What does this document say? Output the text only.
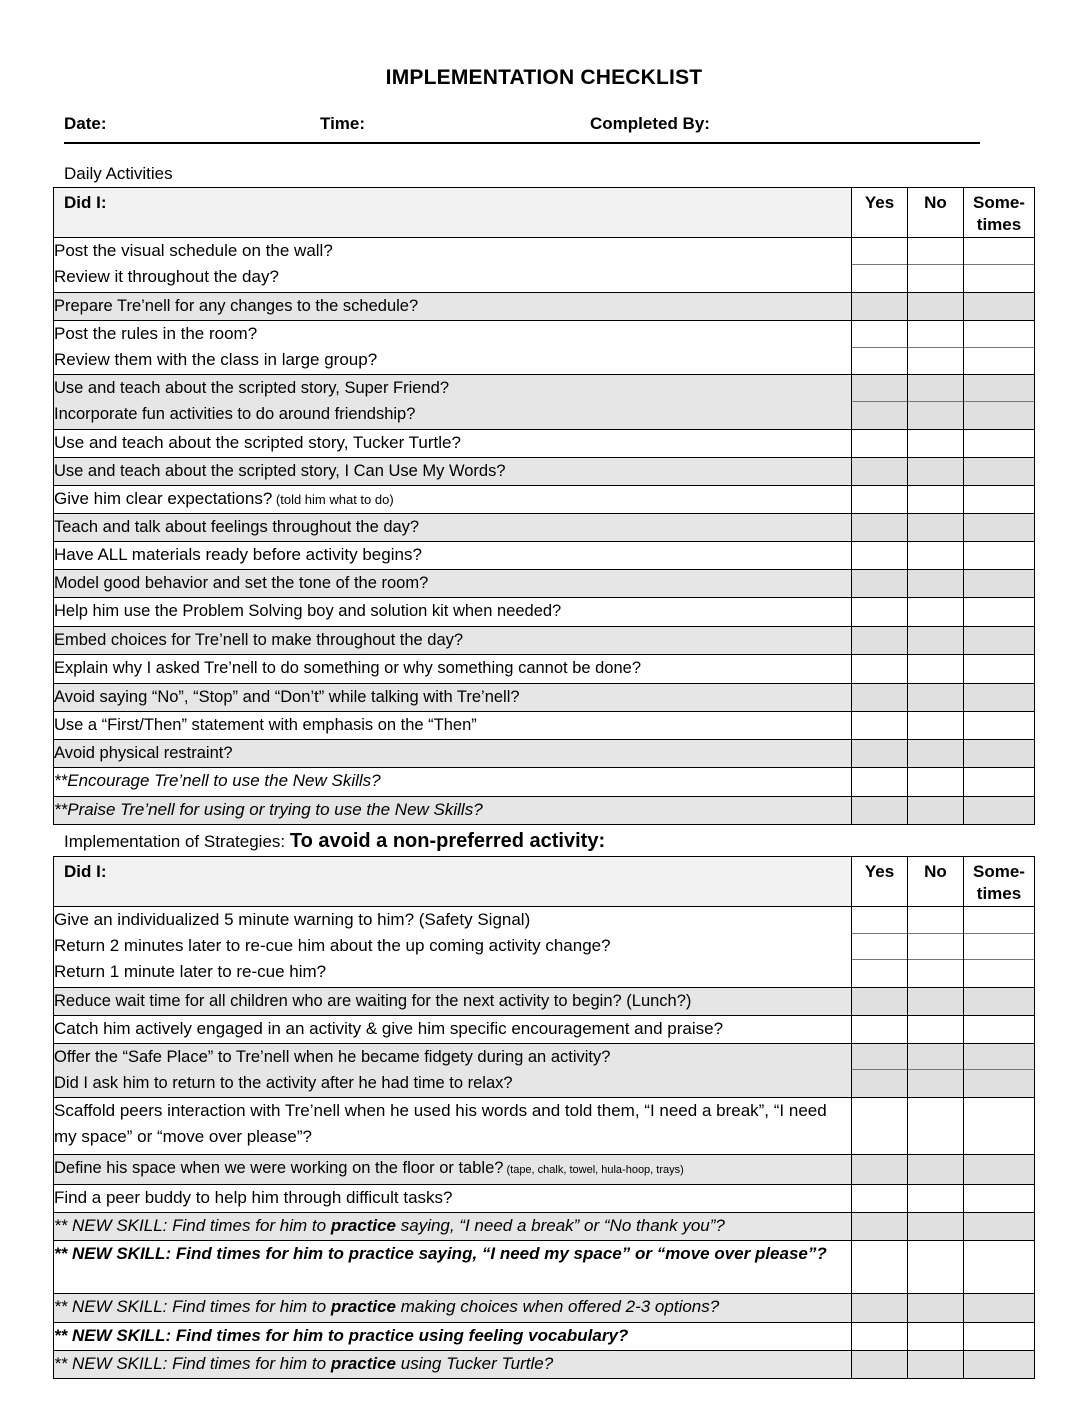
IMPLEMENTATION CHECKLIST
Date:	Time:	Completed By:
Daily Activities
Did I:	Yes	No	Some-
times

Post the visual schedule on the wall?
Review it throughout the day?			

Prepare Tre’nell for any changes to the schedule?			

Post the rules in the room?
Review them with the class in large group?			

Use and teach about the scripted story, Super Friend?
Incorporate fun activities to do around friendship?			

Use and teach about the scripted story, Tucker Turtle?			

Use and teach about the scripted story, I Can Use My Words?			

Give him clear expectations? (told him what to do)			

Teach and talk about feelings throughout the day?			

Have ALL materials ready before activity begins?			

Model good behavior and set the tone of the room?			

Help him use the Problem Solving boy and solution kit when needed?			

Embed choices for Tre’nell to make throughout the day?			

Explain why I asked Tre’nell to do something or why something cannot be done?			

Avoid saying “No”, “Stop” and “Don’t” while talking with Tre’nell?			

Use a “First/Then” statement with emphasis on the “Then”			

Avoid physical restraint?			

**Encourage Tre’nell to use the New Skills?			

**Praise Tre’nell for using or trying to use the New Skills?			

Implementation of Strategies: To avoid a non-preferred activity:
Did I:	Yes	No	Some-
times

Give an individualized 5 minute warning to him? (Safety Signal)
Return 2 minutes later to re-cue him about the up coming activity change?
Return 1 minute later to re-cue him?			

Reduce wait time for all children who are waiting for the next activity to begin? (Lunch?)			

Catch him actively engaged in an activity & give him specific encouragement and praise?			

Offer the “Safe Place” to Tre’nell when he became fidgety during an activity?
Did I ask him to return to the activity after he had time to relax?			

Scaffold peers interaction with Tre’nell when he used his words and told them, “I need a break”, “I need my space” or “move over please”?			

Define his space when we were working on the floor or table? (tape, chalk, towel, hula-hoop, trays)			

Find a peer buddy to help him through difficult tasks?			

** NEW SKILL: Find times for him to practice saying, “I need a break” or “No thank you”?	

** NEW SKILL: Find times for him to practice saying, “I need my space” or “move over please”?	

** NEW SKILL: Find times for him to practice making choices when offered 2-3 options?	

** NEW SKILL: Find times for him to practice using feeling vocabulary?	

** NEW SKILL: Find times for him to practice using Tucker Turtle?	
